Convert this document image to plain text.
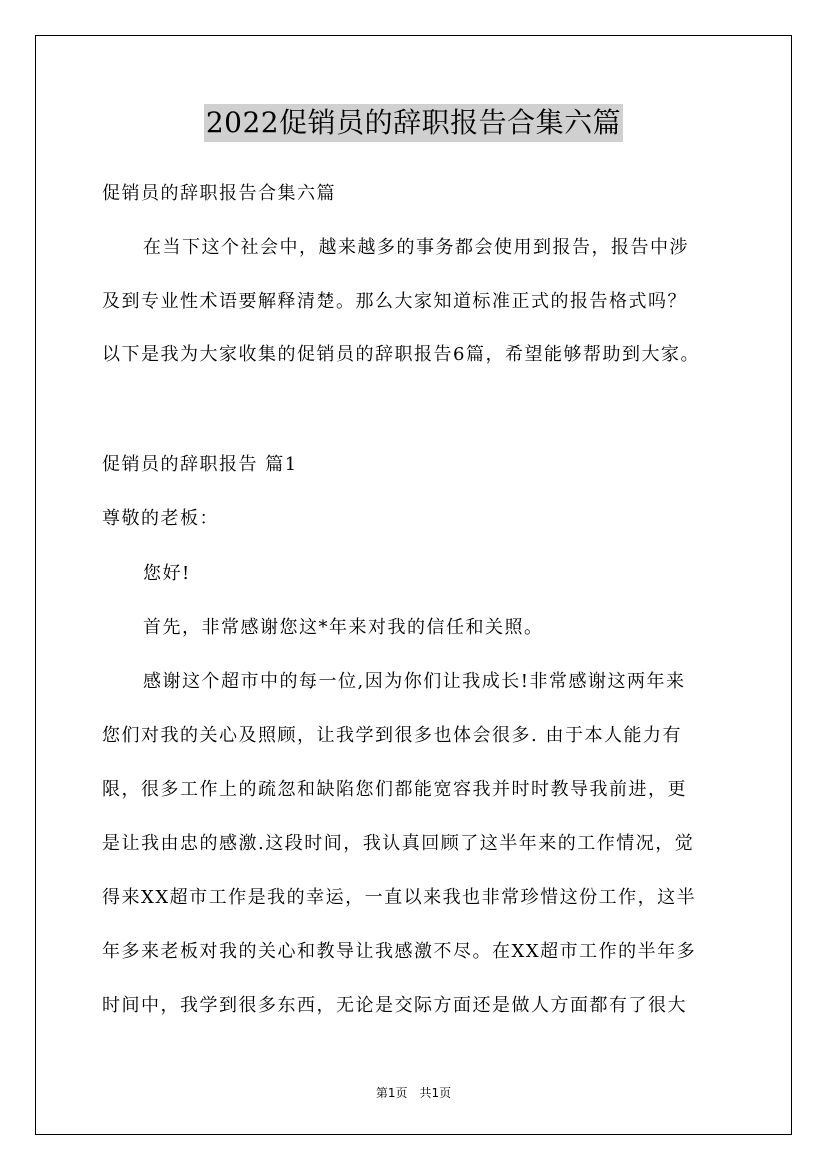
2022促销员的辞职报告合集六篇
促销员的辞职报告合集六篇
在当下这个社会中，越来越多的事务都会使用到报告，报告中涉
及到专业性术语要解释清楚。那么大家知道标准正式的报告格式吗？
以下是我为大家收集的促销员的辞职报告6篇，希望能够帮助到大家。
促销员的辞职报告 篇1
尊敬的老板：
您好!
首先，非常感谢您这*年来对我的信任和关照。
感谢这个超市中的每一位,因为你们让我成长!非常感谢这两年来
您们对我的关心及照顾，让我学到很多也体会很多. 由于本人能力有
限，很多工作上的疏忽和缺陷您们都能宽容我并时时教导我前进，更
是让我由忠的感激.这段时间，我认真回顾了这半年来的工作情况，觉
得来XX超市工作是我的幸运，一直以来我也非常珍惜这份工作，这半
年多来老板对我的关心和教导让我感激不尽。在XX超市工作的半年多
时间中，我学到很多东西，无论是交际方面还是做人方面都有了很大
第1页　共1页
